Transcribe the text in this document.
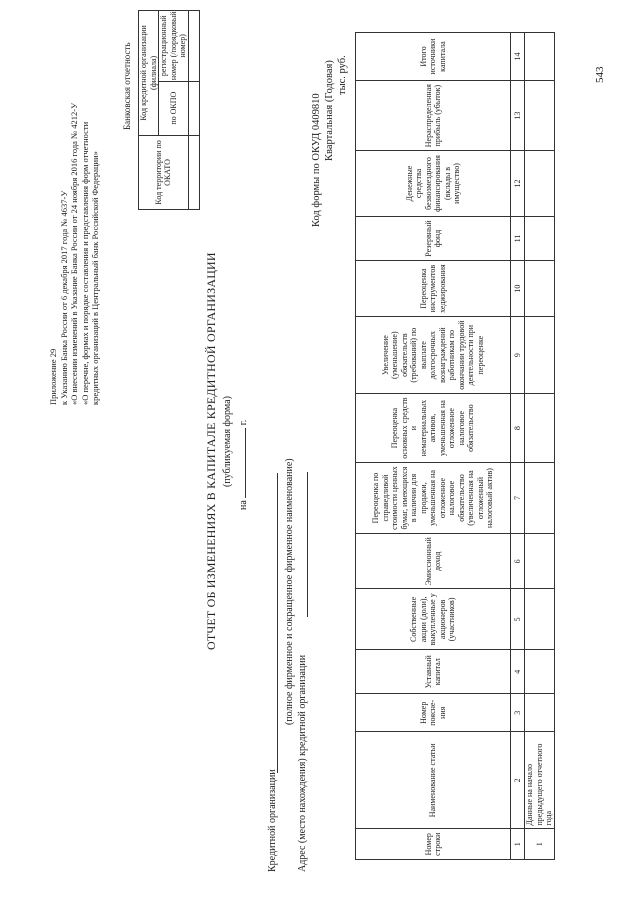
Приложение 29 к Указанию Банка России от 6 декабря 2017 года № 4637-У «О внесении изменений в Указание Банка России от 24 ноября 2016 года № 4212-У «О перечне, формах и порядке составления и представления форм отчетности кредитных организаций в Центральный банк Российской Федерации»
Банковская отчетность
Код территории по ОКАТО	Код кредитной организации (филиала)	
	по ОКПО	регистрационный номер (/порядковый номер)

ОТЧЕТ ОБ ИЗМЕНЕНИЯХ В КАПИТАЛЕ КРЕДИТНОЙ ОРГАНИЗАЦИИ (публикуемая форма)
на  г.
Кредитной организации
(полное фирменное и сокращенное фирменное наименование)
Адрес (место нахождения) кредитной организации
Код формы по ОКУД 0409810 Квартальная (Годовая) тыс. руб.
Номер строки	Наименование статьи	Номер поясне- ния	Уставный капитал	Собственные акции (доли), выкупленные у акционеров (участников)	Эмиссионный доход	Переоценка по справедливой стоимости ценных бумаг, имеющихся в наличии для продажи, уменьшенная на отложенное налоговое обязательство (увеличенная на отложенный налоговый актив)	Переоценка основных средств и нематериальных активов, уменьшенная на отложенное налоговое обязательство	Увеличение (уменьшение) обязательств (требований) по выплате долгосрочных вознаграждений работникам по окончании трудовой деятельности при переоценке	Переоценка инструментов хеджирования	Резервный фонд	Денежные средства безвозмездного финансирования (вклады в имущество)	Нераспределенная прибыль (убыток)	Итого источники капитала
1	2	3	4	5	6	7	8	9	10	11	12	13	14
1	Данные на начало предыдущего отчетного года												
543
